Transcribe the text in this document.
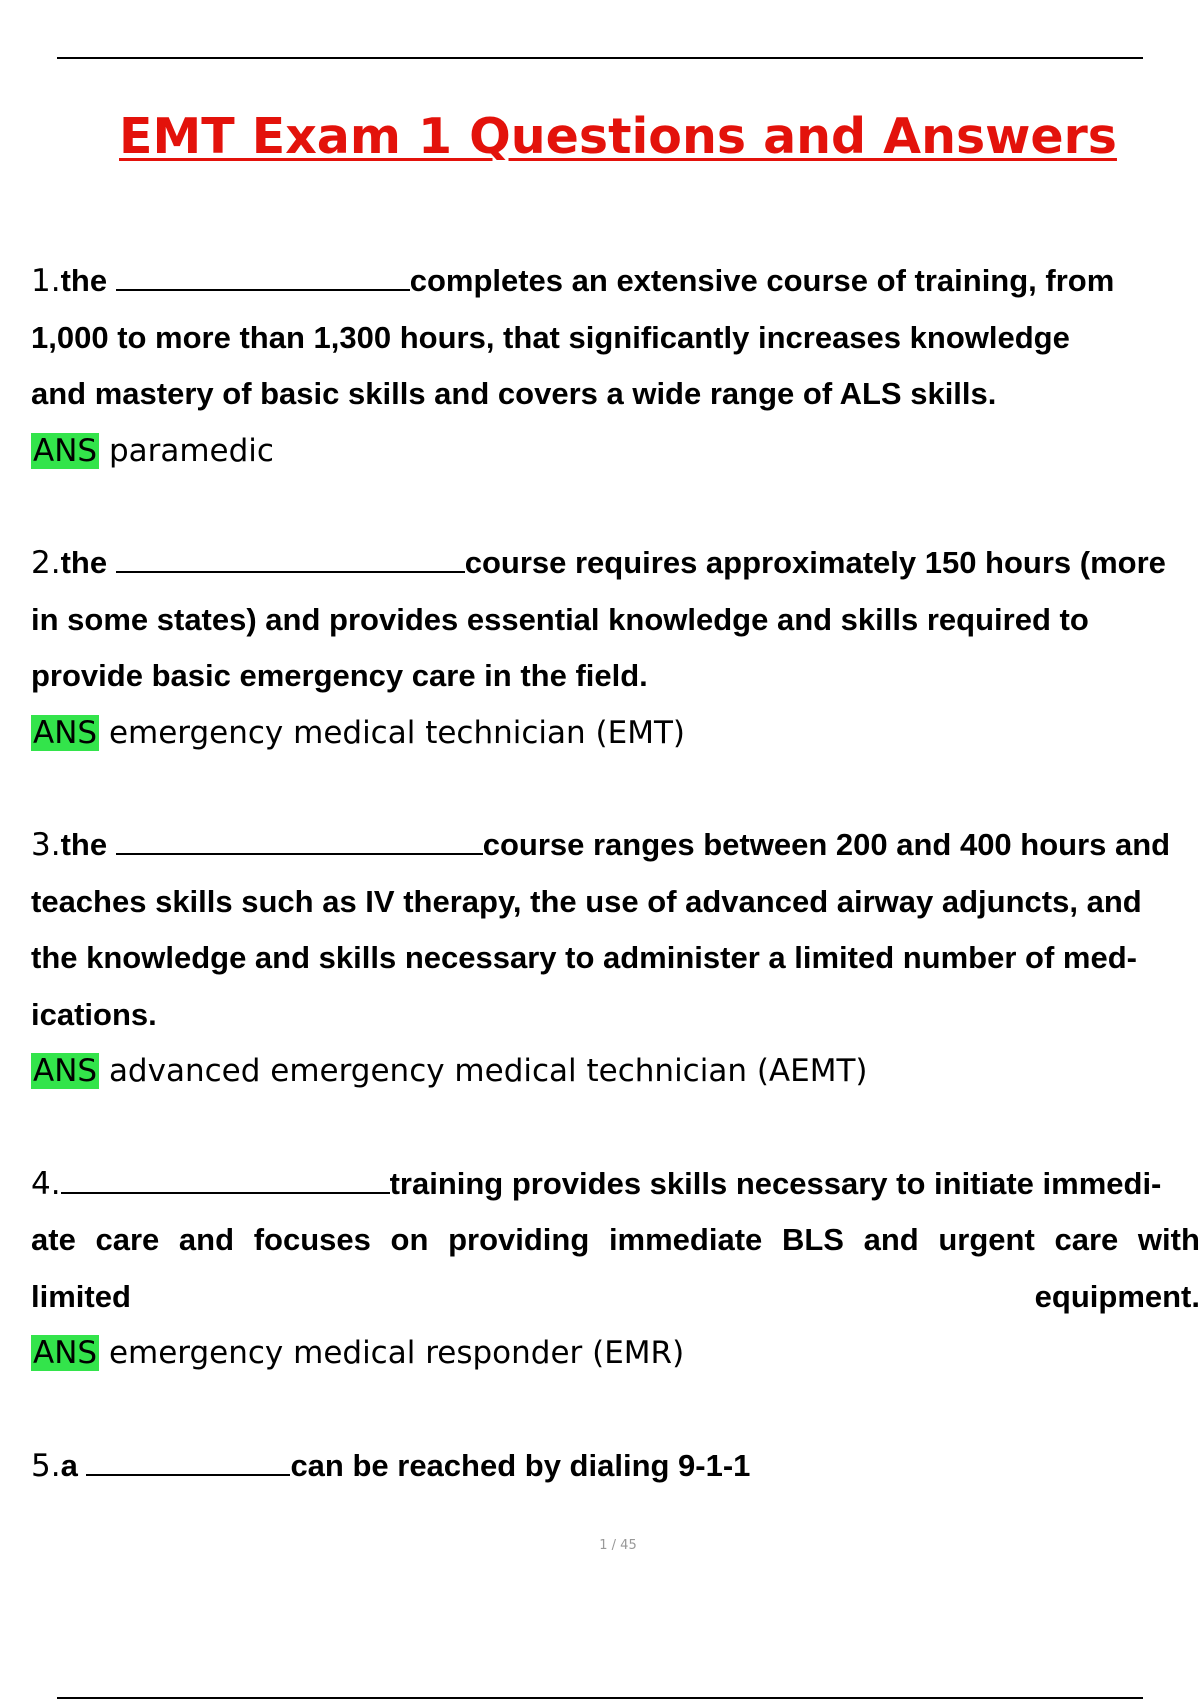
EMT Exam 1 Questions and Answers

1.the	completes an extensive course of training, from

1,000 to more than 1,300 hours, that significantly increases knowledge

and mastery of basic skills and covers a wide range of ALS skills.

ANS paramedic

2.the	course requires approximately 150 hours (more

in some states) and provides essential knowledge and skills required to

provide basic emergency care in the field.

ANS emergency medical technician (EMT)

3.the	course ranges between 200 and 400 hours and

teaches skills such as IV therapy, the use of advanced airway adjuncts, and

the knowledge and skills necessary to administer a limited number of med-

ications.

ANS advanced emergency medical technician (AEMT)

4.	training provides skills necessary to initiate immedi-

ate care and focuses on providing immediate BLS and urgent care with

limited	equipment.

ANS emergency medical responder (EMR)

5.a	can be reached by dialing 9-1-1

1 / 45
